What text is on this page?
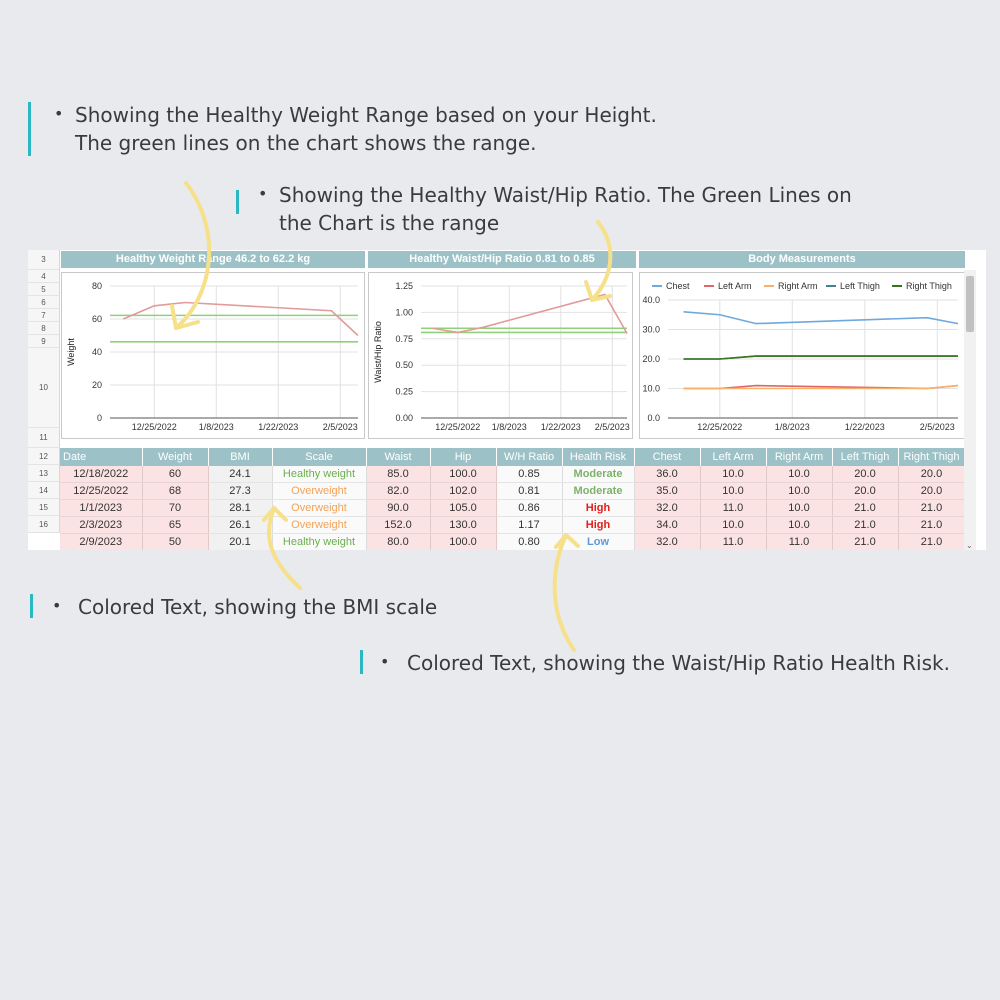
• Showing the Healthy Weight Range based on your Height.
The green lines on the chart shows the range.
• Showing the Healthy Waist/Hip Ratio. The Green Lines on
the Chart is the range
• Colored Text, showing the BMI scale
• Colored Text, showing the Waist/Hip Ratio Health Risk.
3
4
5
6
7
8
9
10
11
12
13
14
15
16
Healthy Weight Range 46.2 to 62.2 kg	Healthy Waist/Hip Ratio 0.81 to 0.85	Body Measurements
0
20
40
60
80
12/25/2022 1/8/2023	1/22/2023	2/5/2023
Weight
0.00
0.25
0.50
0.75
1.00
1.25
12/25/2022 1/8/2023 1/22/2023 2/5/2023
Waist/Hip Ratio
0.0
10.0
20.0
30.0
40.0
12/25/2022	1/8/2023	1/22/2023	2/5/2023
Chest	Left Arm	Right Arm Left Thigh	Right Thigh
Date	Weight	BMI	Scale	Waist	Hip	W/H Ratio	Health Risk	Chest	Left Arm	Right Arm	Left Thigh	Right Thigh
12/18/2022	60	24.1	Healthy weight	85.0	100.0	0.85	Moderate	36.0	10.0	10.0	20.0	20.0
12/25/2022	68	27.3	Overweight	82.0	102.0	0.81	Moderate	35.0	10.0	10.0	20.0	20.0
1/1/2023	70	28.1	Overweight	90.0	105.0	0.86	High	32.0	11.0	10.0	21.0	21.0
2/3/2023	65	26.1	Overweight	152.0	130.0	1.17	High	34.0	10.0	10.0	21.0	21.0
2/9/2023	50	20.1	Healthy weight	80.0	100.0	0.80	Low	32.0	11.0	11.0	21.0	21.0	⌄
